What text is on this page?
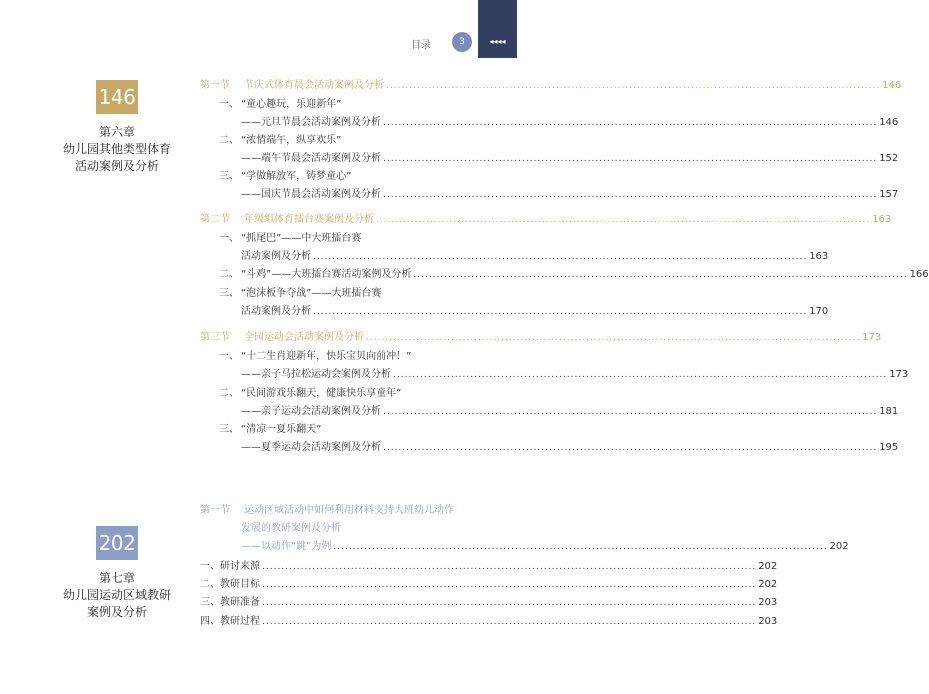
目录	3	◂◂◂◂
146
第六章
幼儿园其他类型体育
活动案例及分析
202
第七章
幼儿园运动区域教研
案例及分析
第一节 节庆式体育晨会活动案例及分析 ................................................................................................................................ 146
一、 “童心趣玩，乐迎新年”
——元旦节晨会活动案例及分析 ................................................................................................................................ 146
二、 “浓情端午，纵享欢乐”
——端午节晨会活动案例及分析 ................................................................................................................................ 152
三、 “学做解放军，铸梦童心”
——国庆节晨会活动案例及分析 ................................................................................................................................ 157
第二节 年级组体育擂台赛案例及分析 ................................................................................................................................ 163
一、 “抓尾巴”——中大班擂台赛
活动案例及分析 ................................................................................................................................ 163
二、 “斗鸡”——大班擂台赛活动案例及分析 ................................................................................................................................ 166
三、 “泡沫板争夺战”——大班擂台赛
活动案例及分析 ................................................................................................................................ 170
第三节 全园运动会活动案例及分析 ................................................................................................................................ 173
一、 “十二生肖迎新年，快乐宝贝向前冲！”
——亲子马拉松运动会案例及分析 ................................................................................................................................ 173
二、 “民间游戏乐翻天，健康快乐享童年”
——亲子运动会活动案例及分析 ................................................................................................................................ 181
三、 “清凉一夏乐翻天”
——夏季运动会活动案例及分析 ................................................................................................................................ 195
第一节 运动区域活动中如何利用材料支持大班幼儿动作
发展的教研案例及分析
——以动作“跳”为例 ................................................................................................................................ 202
一、 研讨来源 ................................................................................................................................ 202
二、 教研目标 ................................................................................................................................ 202
三、 教研准备 ................................................................................................................................ 203
四、 教研过程 ................................................................................................................................ 203
